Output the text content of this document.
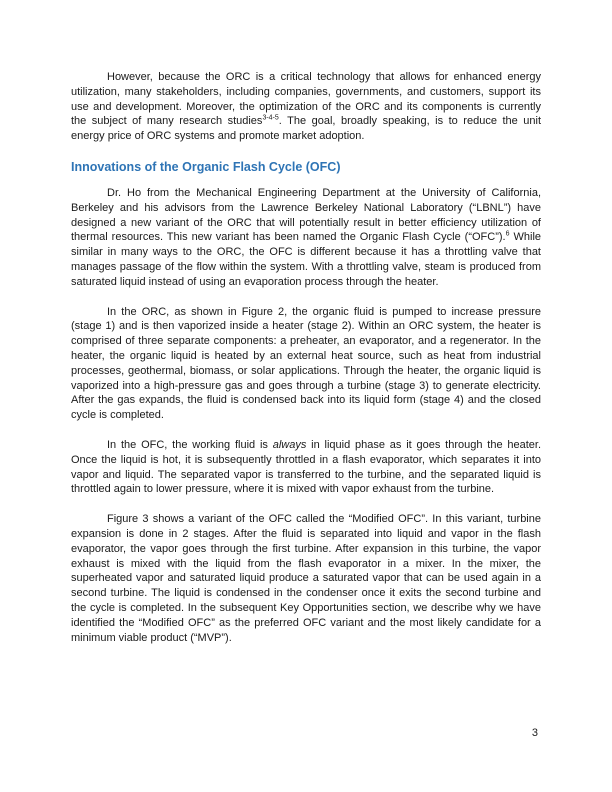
However, because the ORC is a critical technology that allows for enhanced energy utilization, many stakeholders, including companies, governments, and customers, support its use and development. Moreover, the optimization of the ORC and its components is currently the subject of many research studies$^{3-4-5}$. The goal, broadly speaking, is to reduce the unit energy price of ORC systems and promote market adoption.

Innovations of the Organic Flash Cycle (OFC)

Dr. Ho from the Mechanical Engineering Department at the University of California, Berkeley and his advisors from the Lawrence Berkeley National Laboratory (“LBNL”) have designed a new variant of the ORC that will potentially result in better efficiency utilization of thermal resources. This new variant has been named the Organic Flash Cycle (“OFC”).$^6$ While similar in many ways to the ORC, the OFC is different because it has a throttling valve that manages passage of the flow within the system. With a throttling valve, steam is produced from saturated liquid instead of using an evaporation process through the heater.

In the ORC, as shown in Figure 2, the organic fluid is pumped to increase pressure (stage 1) and is then vaporized inside a heater (stage 2). Within an ORC system, the heater is comprised of three separate components: a preheater, an evaporator, and a regenerator. In the heater, the organic liquid is heated by an external heat source, such as heat from industrial processes, geothermal, biomass, or solar applications. Through the heater, the organic liquid is vaporized into a high-pressure gas and goes through a turbine (stage 3) to generate electricity. After the gas expands, the fluid is condensed back into its liquid form (stage 4) and the closed cycle is completed.

In the OFC, the working fluid is always in liquid phase as it goes through the heater. Once the liquid is hot, it is subsequently throttled in a flash evaporator, which separates it into vapor and liquid. The separated vapor is transferred to the turbine, and the separated liquid is throttled again to lower pressure, where it is mixed with vapor exhaust from the turbine.

Figure 3 shows a variant of the OFC called the “Modified OFC”. In this variant, turbine expansion is done in 2 stages. After the fluid is separated into liquid and vapor in the flash evaporator, the vapor goes through the first turbine. After expansion in this turbine, the vapor exhaust is mixed with the liquid from the flash evaporator in a mixer. In the mixer, the superheated vapor and saturated liquid produce a saturated vapor that can be used again in a second turbine. The liquid is condensed in the condenser once it exits the second turbine and the cycle is completed. In the subsequent Key Opportunities section, we describe why we have identified the “Modified OFC” as the preferred OFC variant and the most likely candidate for a minimum viable product (“MVP”).

3
